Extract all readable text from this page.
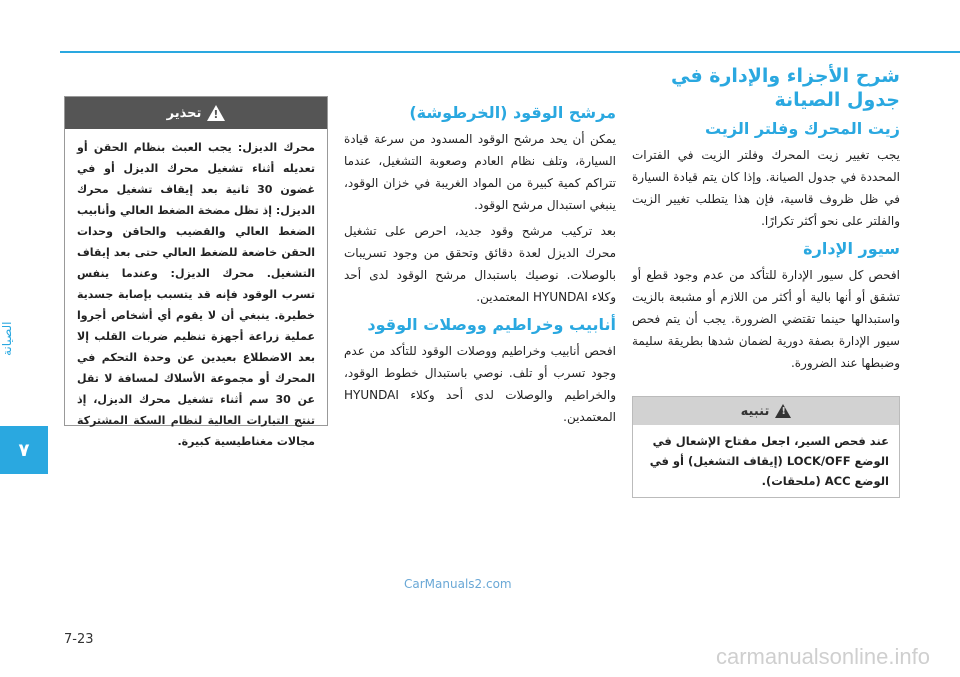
الصيانة
٧
شرح الأجزاء والإدارة في جدول الصيانة
زيت المحرك وفلتر الزيت

يجب تغيير زيت المحرك وفلتر الزيت في الفترات المحددة في جدول الصيانة. وإذا كان يتم قيادة السيارة في ظل ظروف قاسية، فإن هذا يتطلب تغيير الزيت والفلتر على نحو أكثر تكرارًا.

سيور الإدارة

افحص كل سيور الإدارة للتأكد من عدم وجود قطع أو تشقق أو أنها بالية أو أكثر من اللازم أو مشبعة بالزيت واستبدالها حينما تقتضي الضرورة. يجب أن يتم فحص سيور الإدارة بصفة دورية لضمان شدها بطريقة سليمة وضبطها عند الضرورة.

!
تنبيه
عند فحص السير، اجعل مفتاح الإشعال في الوضع LOCK/OFF (إيقاف التشغيل) أو في الوضع ACC (ملحقات).
مرشح الوقود (الخرطوشة)

يمكن أن يحد مرشح الوقود المسدود من سرعة قيادة السيارة، وتلف نظام العادم وصعوبة التشغيل، عندما تتراكم كمية كبيرة من المواد الغريبة في خزان الوقود، ينبغي استبدال مرشح الوقود.

بعد تركيب مرشح وقود جديد، احرص على تشغيل محرك الديزل لعدة دقائق وتحقق من وجود تسريبات بالوصلات. نوصيك باستبدال مرشح الوقود لدى أحد وكلاء HYUNDAI المعتمدين.

أنابيب وخراطيم ووصلات الوقود

افحص أنابيب وخراطيم ووصلات الوقود للتأكد من عدم وجود تسرب أو تلف. نوصي باستبدال خطوط الوقود، والخراطيم والوصلات لدى أحد وكلاء HYUNDAI المعتمدين.

تحذير
!
محرك الديزل: يجب العبث بنظام الحقن أو تعديله أثناء تشغيل محرك الديزل أو في غضون 30 ثانية بعد إيقاف تشغيل محرك الديزل: إذ تظل مضخة الضغط العالي وأنابيب الضغط العالي والقضيب والحاقن وحدات الحقن خاضعة للضغط العالي حتى بعد إيقاف التشغيل. محرك الديزل: وعندما ينفس تسرب الوقود فإنه قد يتسبب بإصابة جسدية خطيرة. ينبغي أن لا يقوم أي أشخاص أجروا عملية زراعة أجهزة تنظيم ضربات القلب إلا بعد الاضطلاع بعيدين عن وحدة التحكم في المحرك أو مجموعة الأسلاك لمسافة لا تقل عن 30 سم أثناء تشغيل محرك الديزل، إذ تنتج التيارات العالية لنظام السكة المشتركة مجالات مغناطيسية كبيرة.
CarManuals2.com
7-23
carmanualsonline.info
